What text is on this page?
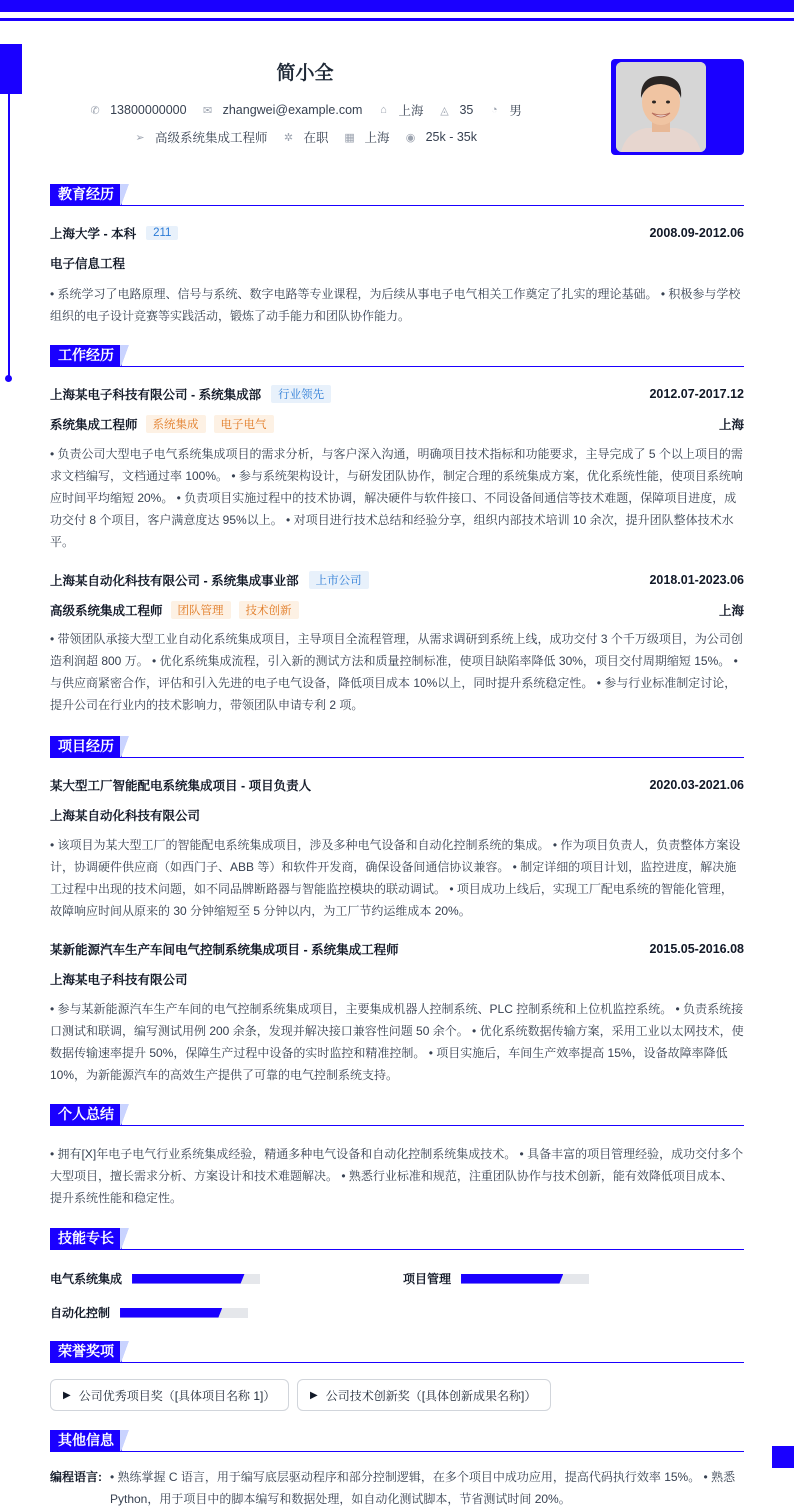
简小全
✆ 13800000000 ✉ zhangwei@example.com	⌂ 上海 ◬ 35	◔ 男
➢ 高级系统集成工程师 ✲ 在职 ▦ 上海 ◉ 25k - 35k
教育经历
上海大学 - 本科	211	2008.09-2012.06
电子信息工程
• 系统学习了电路原理、信号与系统、数字电路等专业课程，为后续从事电子电气相关工作奠定了扎实的理论基础。 • 积极参与学校组织的电子设计竞赛等实践活动，锻炼了动手能力和团队协作能力。
工作经历
上海某电子科技有限公司 - 系统集成部	行业领先	2012.07-2017.12
系统集成工程师	系统集成	电子电气	上海
• 负责公司大型电子电气系统集成项目的需求分析，与客户深入沟通，明确项目技术指标和功能要求，主导完成了 5 个以上项目的需求文档编写，文档通过率 100%。 • 参与系统架构设计，与研发团队协作，制定合理的系统集成方案，优化系统性能，使项目系统响应时间平均缩短 20%。 • 负责项目实施过程中的技术协调，解决硬件与软件接口、不同设备间通信等技术难题，保障项目进度，成功交付 8 个项目，客户满意度达 95%以上。 • 对项目进行技术总结和经验分享，组织内部技术培训 10 余次，提升团队整体技术水平。
上海某自动化科技有限公司 - 系统集成事业部	上市公司	2018.01-2023.06
高级系统集成工程师	团队管理	技术创新	上海
• 带领团队承接大型工业自动化系统集成项目，主导项目全流程管理，从需求调研到系统上线，成功交付 3 个千万级项目，为公司创造利润超 800 万。 • 优化系统集成流程，引入新的测试方法和质量控制标准，使项目缺陷率降低 30%，项目交付周期缩短 15%。 • 与供应商紧密合作，评估和引入先进的电子电气设备，降低项目成本 10%以上，同时提升系统稳定性。 • 参与行业标准制定讨论，提升公司在行业内的技术影响力，带领团队申请专利 2 项。
项目经历
某大型工厂智能配电系统集成项目 - 项目负责人	2020.03-2021.06
上海某自动化科技有限公司
• 该项目为某大型工厂的智能配电系统集成项目，涉及多种电气设备和自动化控制系统的集成。 • 作为项目负责人，负责整体方案设计，协调硬件供应商（如西门子、ABB 等）和软件开发商，确保设备间通信协议兼容。 • 制定详细的项目计划，监控进度，解决施工过程中出现的技术问题，如不同品牌断路器与智能监控模块的联动调试。 • 项目成功上线后，实现工厂配电系统的智能化管理，故障响应时间从原来的 30 分钟缩短至 5 分钟以内，为工厂节约运维成本 20%。
某新能源汽车生产车间电气控制系统集成项目 - 系统集成工程师	2015.05-2016.08
上海某电子科技有限公司
• 参与某新能源汽车生产车间的电气控制系统集成项目，主要集成机器人控制系统、PLC 控制系统和上位机监控系统。 • 负责系统接口测试和联调，编写测试用例 200 余条，发现并解决接口兼容性问题 50 余个。 • 优化系统数据传输方案，采用工业以太网技术，使数据传输速率提升 50%，保障生产过程中设备的实时监控和精准控制。 • 项目实施后，车间生产效率提高 15%，设备故障率降低 10%，为新能源汽车的高效生产提供了可靠的电气控制系统支持。
个人总结
• 拥有[X]年电子电气行业系统集成经验，精通多种电气设备和自动化控制系统集成技术。 • 具备丰富的项目管理经验，成功交付多个大型项目，擅长需求分析、方案设计和技术难题解决。 • 熟悉行业标准和规范，注重团队协作与技术创新，能有效降低项目成本、提升系统性能和稳定性。
技能专长
电气系统集成	项目管理
自动化控制
荣誉奖项
▶ 公司优秀项目奖（[具体项目名称 1]）	▶ 公司技术创新奖（[具体创新成果名称]）
其他信息
编程语言: • 熟练掌握 C 语言，用于编写底层驱动程序和部分控制逻辑，在多个项目中成功应用，提高代码执行效率 15%。 • 熟悉 Python，用于项目中的脚本编写和数据处理，如自动化测试脚本，节省测试时间 20%。
